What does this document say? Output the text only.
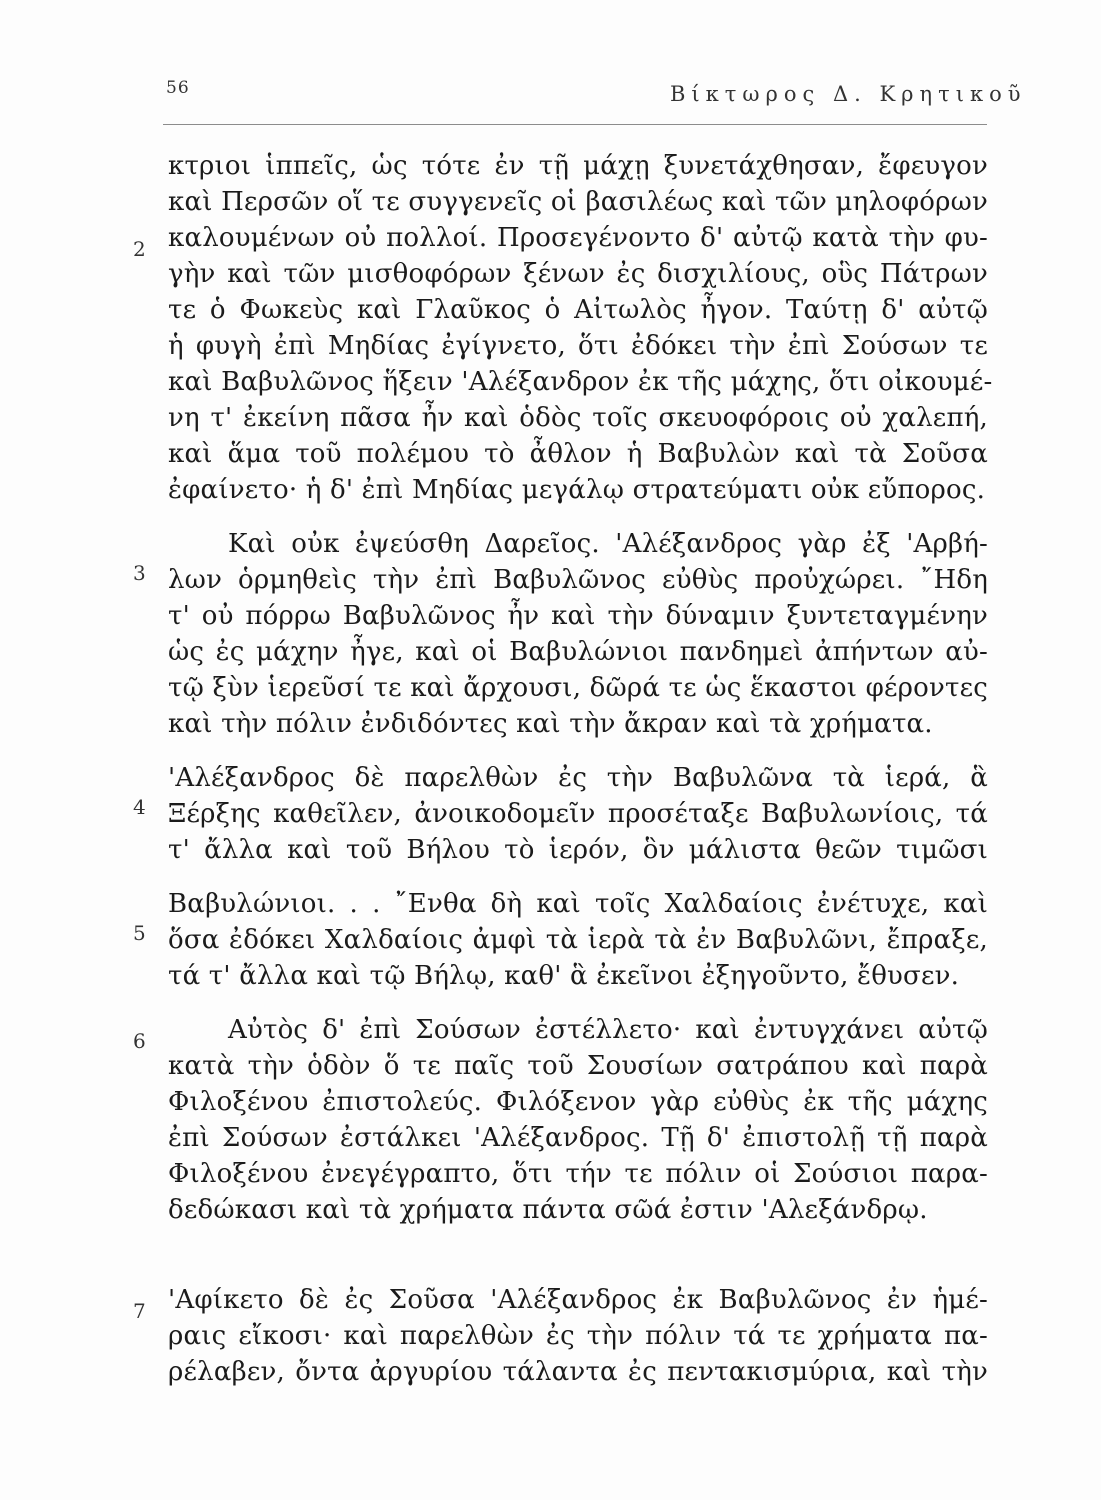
56	Βίκτωρος Δ. Κρητικοῦ
2
3
4
5
6
7
κτριοι ἱππεῖς, ὡς τότε ἐν τῇ μάχῃ ξυνετάχθησαν, ἔφευγον
καὶ Περσῶν οἵ τε συγγενεῖς οἱ βασιλέως καὶ τῶν μηλοφόρων
καλουμένων οὐ πολλοί. Προσεγένοντο δ' αὐτῷ κατὰ τὴν φυ-
γὴν καὶ τῶν μισθοφόρων ξένων ἐς δισχιλίους, οὓς Πάτρων
τε ὁ Φωκεὺς καὶ Γλαῦκος ὁ Αἰτωλὸς ἦγον. Ταύτῃ δ' αὐτῷ
ἡ φυγὴ ἐπὶ Μηδίας ἐγίγνετο, ὅτι ἐδόκει τὴν ἐπὶ Σούσων τε
καὶ Βαβυλῶνος ἥξειν 'Αλέξανδρον ἐκ τῆς μάχης, ὅτι οἰκουμέ-
νη τ' ἐκείνη πᾶσα ἦν καὶ ὁδὸς τοῖς σκευοφόροις οὐ χαλεπή,
καὶ ἅμα τοῦ πολέμου τὸ ἆθλον ἡ Βαβυλὼν καὶ τὰ Σοῦσα
ἐφαίνετο· ἡ δ' ἐπὶ Μηδίας μεγάλῳ στρατεύματι οὐκ εὔπορος.
Καὶ οὐκ ἐψεύσθη Δαρεῖος. 'Αλέξανδρος γὰρ ἐξ 'Αρβή-
λων ὁρμηθεὶς τὴν ἐπὶ Βαβυλῶνος εὐθὺς προὐχώρει. ῎Ηδη
τ' οὐ πόρρω Βαβυλῶνος ἦν καὶ τὴν δύναμιν ξυντεταγμένην
ὡς ἐς μάχην ἦγε, καὶ οἱ Βαβυλώνιοι πανδημεὶ ἀπήντων αὐ-
τῷ ξὺν ἱερεῦσί τε καὶ ἄρχουσι, δῶρά τε ὡς ἕκαστοι φέροντες
καὶ τὴν πόλιν ἐνδιδόντες καὶ τὴν ἄκραν καὶ τὰ χρήματα.
'Αλέξανδρος δὲ παρελθὼν ἐς τὴν Βαβυλῶνα τὰ ἱερά, ἃ
Ξέρξης καθεῖλεν, ἀνοικοδομεῖν προσέταξε Βαβυλωνίοις, τά
τ' ἄλλα καὶ τοῦ Βήλου τὸ ἱερόν, ὃν μάλιστα θεῶν τιμῶσι
Βαβυλώνιοι. . . ῎Ενθα δὴ καὶ τοῖς Χαλδαίοις ἐνέτυχε, καὶ
ὅσα ἐδόκει Χαλδαίοις ἀμφὶ τὰ ἱερὰ τὰ ἐν Βαβυλῶνι, ἔπραξε,
τά τ' ἄλλα καὶ τῷ Βήλῳ, καθ' ἃ ἐκεῖνοι ἐξηγοῦντο, ἔθυσεν.
Αὐτὸς δ' ἐπὶ Σούσων ἐστέλλετο· καὶ ἐντυγχάνει αὐτῷ
κατὰ τὴν ὁδὸν ὅ τε παῖς τοῦ Σουσίων σατράπου καὶ παρὰ
Φιλοξένου ἐπιστολεύς. Φιλόξενον γὰρ εὐθὺς ἐκ τῆς μάχης
ἐπὶ Σούσων ἐστάλκει 'Αλέξανδρος. Τῇ δ' ἐπιστολῇ τῇ παρὰ
Φιλοξένου ἐνεγέγραπτο, ὅτι τήν τε πόλιν οἱ Σούσιοι παρα-
δεδώκασι καὶ τὰ χρήματα πάντα σῶά ἐστιν 'Αλεξάνδρῳ.
'Αφίκετο δὲ ἐς Σοῦσα 'Αλέξανδρος ἐκ Βαβυλῶνος ἐν ἡμέ-
ραις εἴκοσι· καὶ παρελθὼν ἐς τὴν πόλιν τά τε χρήματα πα-
ρέλαβεν, ὄντα ἀργυρίου τάλαντα ἐς πεντακισμύρια, καὶ τὴν
